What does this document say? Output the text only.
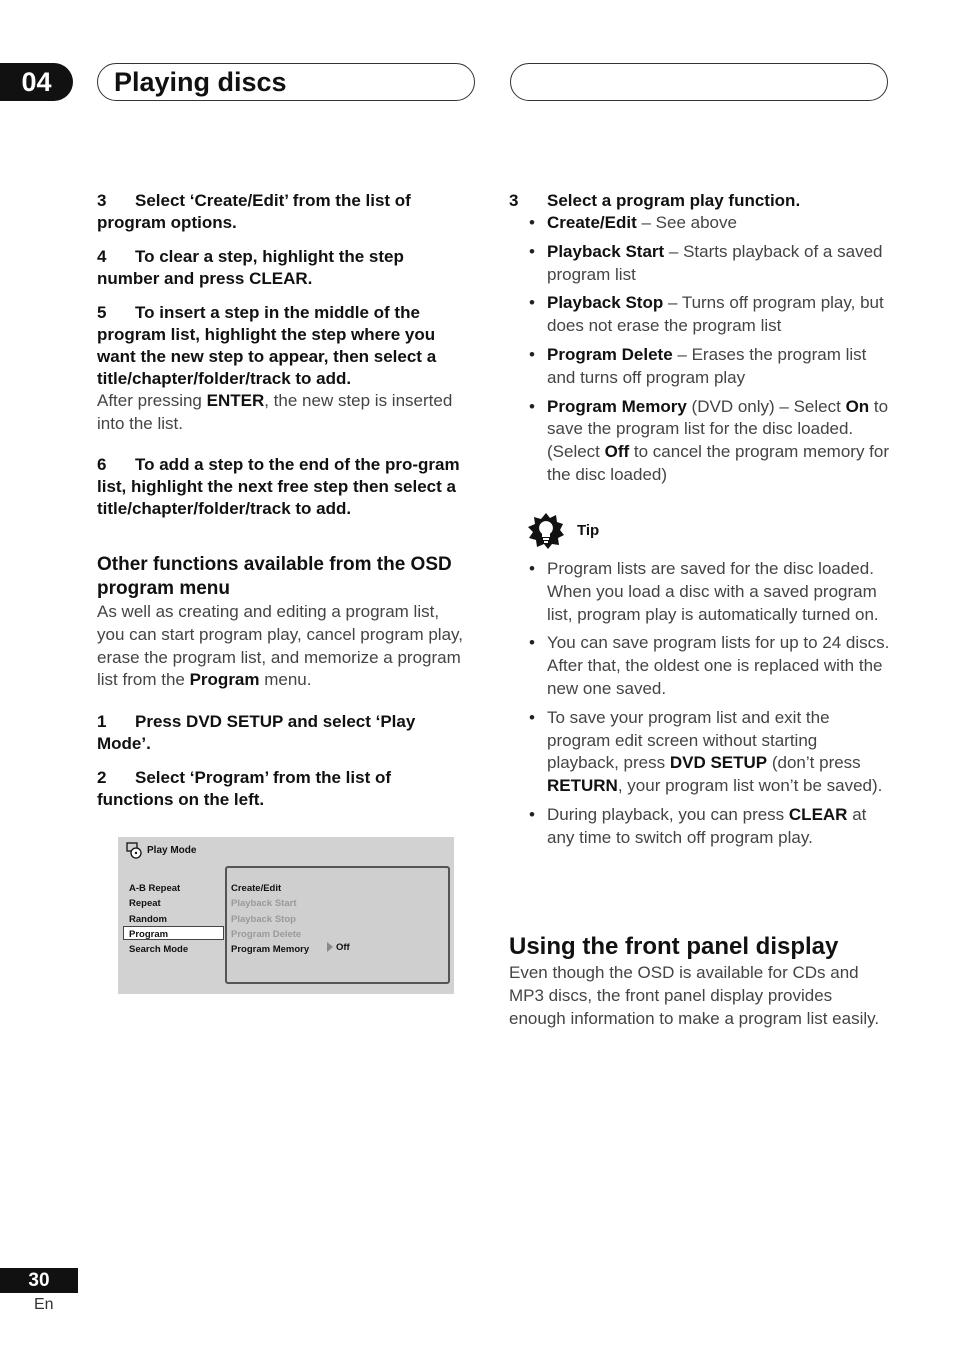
04	Playing discs
3 Select ‘Create/Edit’ from the list of program options.
4 To clear a step, highlight the step number and press CLEAR.
5 To insert a step in the middle of the program list, highlight the step where you want the new step to appear, then select a title/chapter/folder/track to add.
After pressing ENTER, the new step is inserted into the list.
6 To add a step to the end of the pro-gram list, highlight the next free step then select a title/chapter/folder/track to add.
Other functions available from the OSD program menu
As well as creating and editing a program list, you can start program play, cancel program play, erase the program list, and memorize a program list from the Program menu.
1 Press DVD SETUP and select ‘Play Mode’.
2 Select ‘Program’ from the list of functions on the left.
Play Mode
A-B Repeat
Repeat
Random
Program
Search Mode
Create/Edit
Playback Start
Playback Stop
Program Delete
Program Memory	Off
3 Select a program play function.
• Create/Edit – See above
• Playback Start – Starts playback of a saved program list
• Playback Stop – Turns off program play, but does not erase the program list
• Program Delete – Erases the program list and turns off program play
• Program Memory (DVD only) – Select On to save the program list for the disc loaded. (Select Off to cancel the program memory for the disc loaded)
Tip
• Program lists are saved for the disc loaded. When you load a disc with a saved program list, program play is automatically turned on.
• You can save program lists for up to 24 discs. After that, the oldest one is replaced with the new one saved.
• To save your program list and exit the program edit screen without starting playback, press DVD SETUP (don’t press RETURN, your program list won’t be saved).
• During playback, you can press CLEAR at any time to switch off program play.
Using the front panel display
Even though the OSD is available for CDs and MP3 discs, the front panel display provides enough information to make a program list easily.
30
En
